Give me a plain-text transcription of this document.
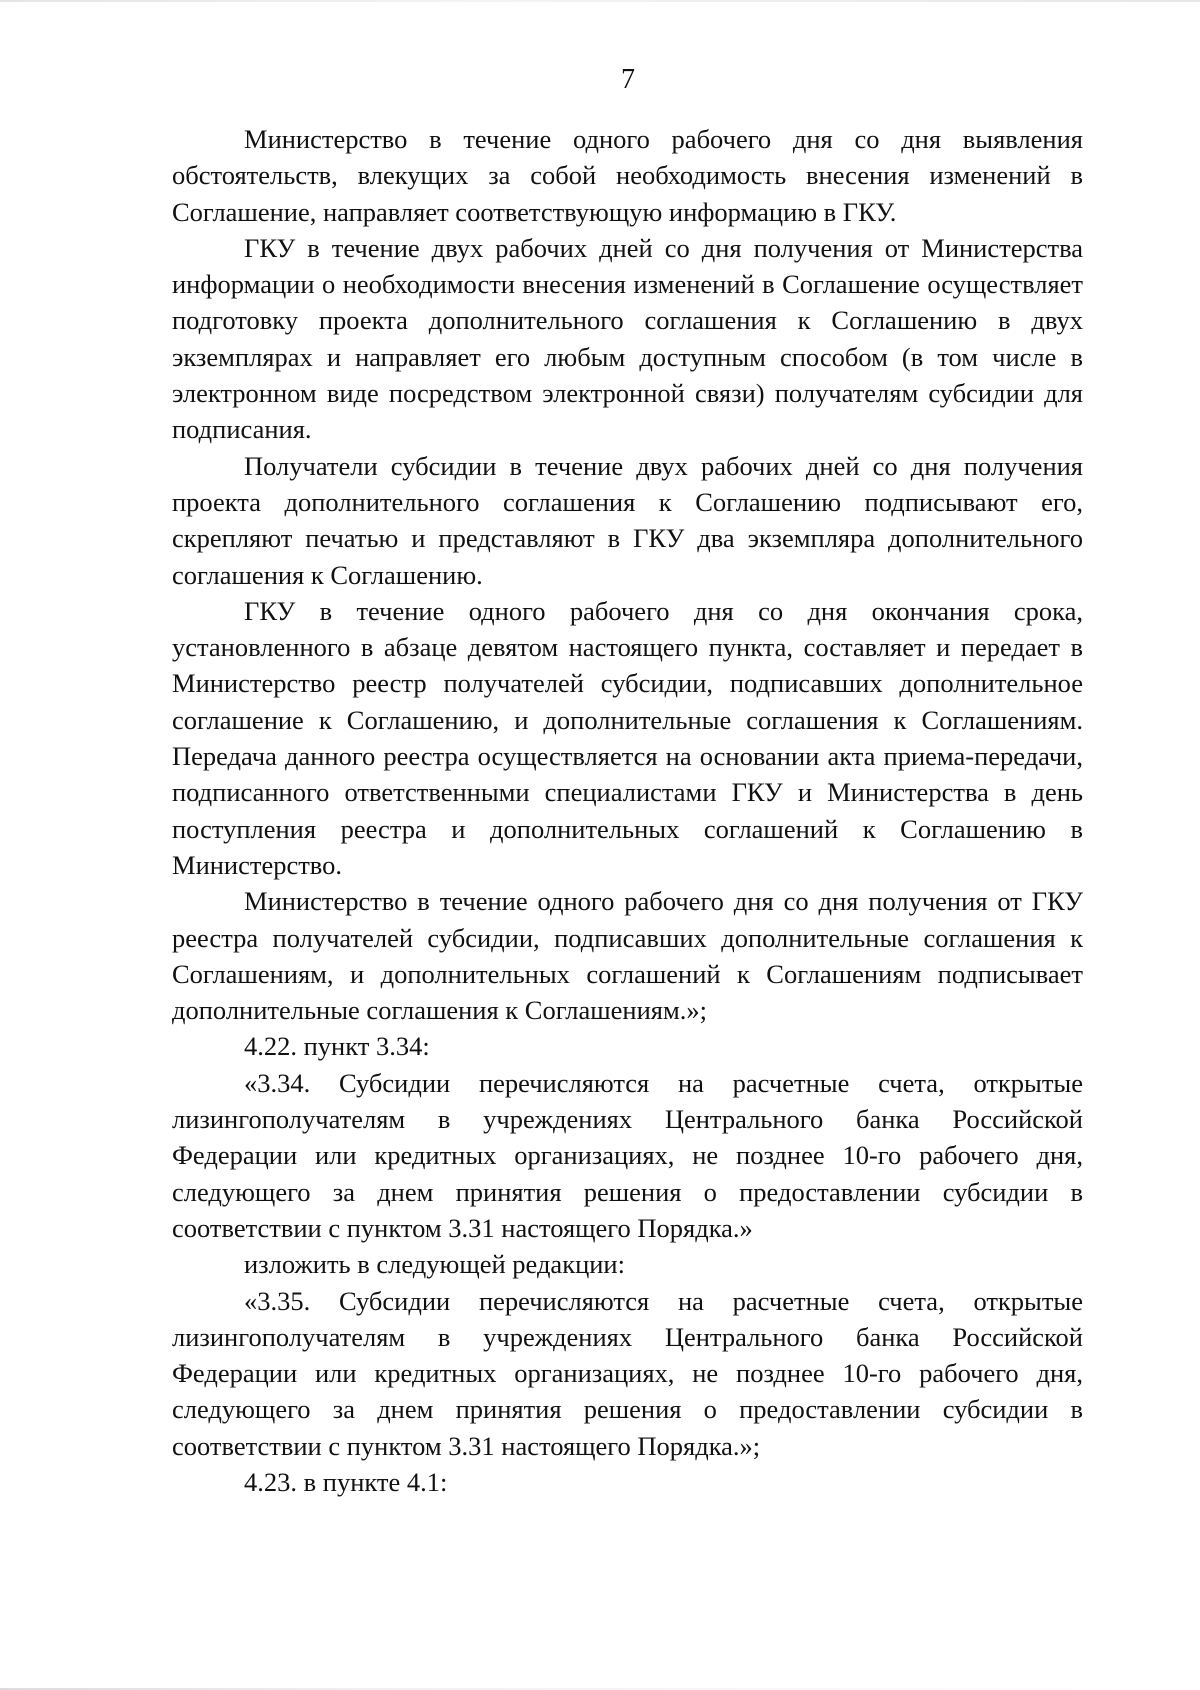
7

Министерство в течение одного рабочего дня со дня выявления обстоятельств, влекущих за собой необходимость внесения изменений в Соглашение, направляет соответствующую информацию в ГКУ.

ГКУ в течение двух рабочих дней со дня получения от Министерства информации о необходимости внесения изменений в Соглашение осуществляет подготовку проекта дополнительного соглашения к Соглашению в двух экземплярах и направляет его любым доступным способом (в том числе в электронном виде посредством электронной связи) получателям субсидии для подписания.

Получатели субсидии в течение двух рабочих дней со дня получения проекта дополнительного соглашения к Соглашению подписывают его, скрепляют печатью и представляют в ГКУ два экземпляра дополнительного соглашения к Соглашению.

ГКУ в течение одного рабочего дня со дня окончания срока, установленного в абзаце девятом настоящего пункта, составляет и передает в Министерство реестр получателей субсидии, подписавших дополнительное соглашение к Соглашению, и дополнительные соглашения к Соглашениям. Передача данного реестра осуществляется на основании акта приема-передачи, подписанного ответственными специалистами ГКУ и Министерства в день поступления реестра и дополнительных соглашений к Соглашению в Министерство.

Министерство в течение одного рабочего дня со дня получения от ГКУ реестра получателей субсидии, подписавших дополнительные соглашения к Соглашениям, и дополнительных соглашений к Соглашениям подписывает дополнительные соглашения к Соглашениям.»;

4.22. пункт 3.34:

«3.34. Субсидии перечисляются на расчетные счета, открытые лизингополучателям в учреждениях Центрального банка Российской Федерации или кредитных организациях, не позднее 10-го рабочего дня, следующего за днем принятия решения о предоставлении субсидии в соответствии с пунктом 3.31 настоящего Порядка.»

изложить в следующей редакции:

«3.35. Субсидии перечисляются на расчетные счета, открытые лизингополучателям в учреждениях Центрального банка Российской Федерации или кредитных организациях, не позднее 10-го рабочего дня, следующего за днем принятия решения о предоставлении субсидии в соответствии с пунктом 3.31 настоящего Порядка.»;

4.23. в пункте 4.1:
